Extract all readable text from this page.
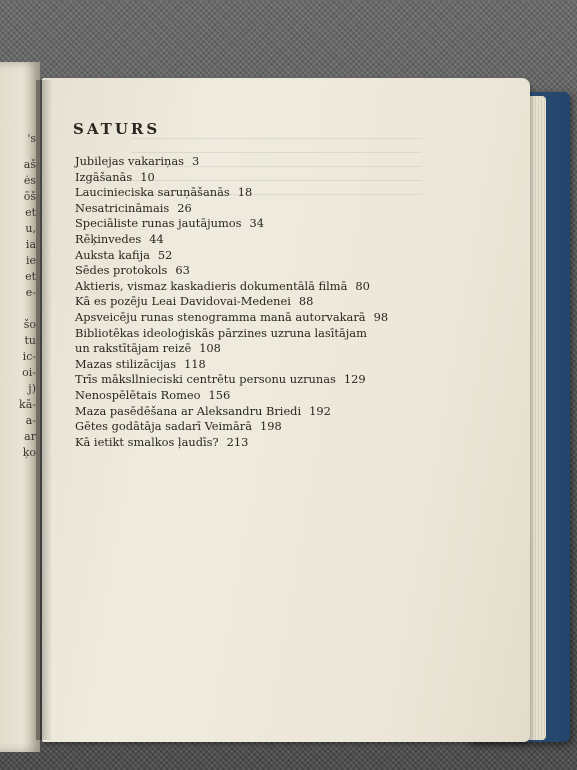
's
aš
ės
ōš
et
u,
ia
ie
et
e-
šo
tu
ic-
oi-
j)
kā-
a-
ar
ķo
SATURS
Jubilejas vakariņas 3
Izgāšanās 10
Laucinieciska saruņāšanās 18
Nesatricināmais 26
Speciāliste runas jautājumos 34
Rēķinvedes 44
Auksta kafija 52
Sēdes protokols 63
Aktieris, vismaz kaskadieris dokumentālā filmā 80
Kā es pozēju Leai Davidovai-Medenei 88
Apsveicēju runas stenogramma manā autorvakarā 98
Bibliotēkas ideoloģiskās pārzines uzruna lasītājam
un rakstītājam reizē 108
Mazas stilizācijas 118
Trīs māksllnieciski centrētu personu uzrunas 129
Nenospēlētais Romeo 156
Maza pasēdēšana ar Aleksandru Briedi 192
Gētes godātāja sadarī Veimārā 198
Kā ietikt smalkos ļaudīs? 213
